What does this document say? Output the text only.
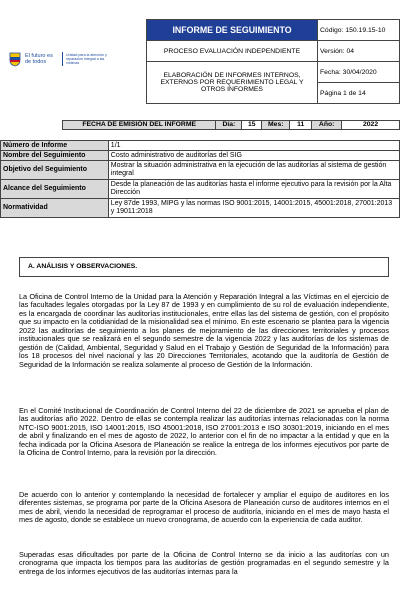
El futuro es de todos
Unidad para la atención y reparación integral a las víctimas
INFORME DE SEGUIMIENTO	Código: 150.19.15-10
PROCESO EVALUACIÓN INDEPENDIENTE	Versión: 04
ELABORACIÓN DE INFORMES INTERNOS, EXTERNOS POR REQUERIMIENTO LEGAL Y OTROS INFORMES	Fecha: 30/04/2020
	Página 1 de 14
FECHA DE EMISIÓN DEL INFORME	Día:	15	Mes:	11	Año:	2022
Número de Informe	1/1
Nombre del Seguimiento	Costo administrativo de auditorías del SIG
Objetivo del Seguimiento	Mostrar la situación administrativa en la ejecución de las auditorías al sistema de gestión integral
Alcance del Seguimiento	Desde la planeación de las auditorías hasta el informe ejecutivo para la revisión por la Alta Dirección
Normatividad	Ley 87de 1993, MIPG y las normas ISO 9001:2015, 14001:2015, 45001:2018, 27001:2013 y 19011:2018
A. ANÁLISIS Y OBSERVACIONES.

La Oficina de Control Interno de la Unidad para la Atención y Reparación Integral a las Víctimas en el ejercicio de las facultades legales otorgadas por la Ley 87 de 1993 y en cumplimiento de su rol de evaluación independiente, es la encargada de coordinar las auditorías institucionales, entre ellas las del sistema de gestión, con el propósito que su impacto en la cotidianidad de la misionalidad sea el mínimo. En este escenario se plantea para la vigencia 2022 las auditorías de seguimiento a los planes de mejoramiento de las direcciones territoriales y procesos institucionales que se realizará en el segundo semestre de la vigencia 2022 y las auditorías de los sistemas de gestión de (Calidad, Ambiental, Seguridad y Salud en el Trabajo y Gestión de Seguridad de la Información) para los 18 procesos del nivel nacional y las 20 Direcciones Territoriales, acotando que la auditoría de Gestión de Seguridad de la Información se realiza solamente al proceso de Gestión de la Información.

En el Comité Institucional de Coordinación de Control Interno del 22 de diciembre de 2021 se aprueba el plan de las auditorías año 2022. Dentro de ellas se contempla realizar las auditorías internas relacionadas con la norma NTC-ISO 9001:2015, ISO 14001:2015, ISO 45001:2018, ISO 27001:2013 e ISO 30301:2019, iniciando en el mes de abril y finalizando en el mes de agosto de 2022, lo anterior con el fin de no impactar a la entidad y que en la fecha indicada por la Oficina Asesora de Planeación se realice la entrega de los informes ejecutivos por parte de la Oficina de Control Interno, para la revisión por la dirección.

De acuerdo con lo anterior y contemplando la necesidad de fortalecer y ampliar el equipo de auditores en los diferentes sistemas, se programa por parte de la Oficina Asesora de Planeación curso de auditores internos en el mes de abril, viendo la necesidad de reprogramar el proceso de auditoría, iniciando en el mes de mayo hasta el mes de agosto, donde se establece un nuevo cronograma, de acuerdo con la experiencia de cada auditor.

Superadas esas dificultades por parte de la Oficina de Control Interno se da inicio a las auditorías con un cronograma que impacta los tiempos para las auditorías de gestión programadas en el segundo semestre y la entrega de los informes ejecutivos de las auditorías internas para la
